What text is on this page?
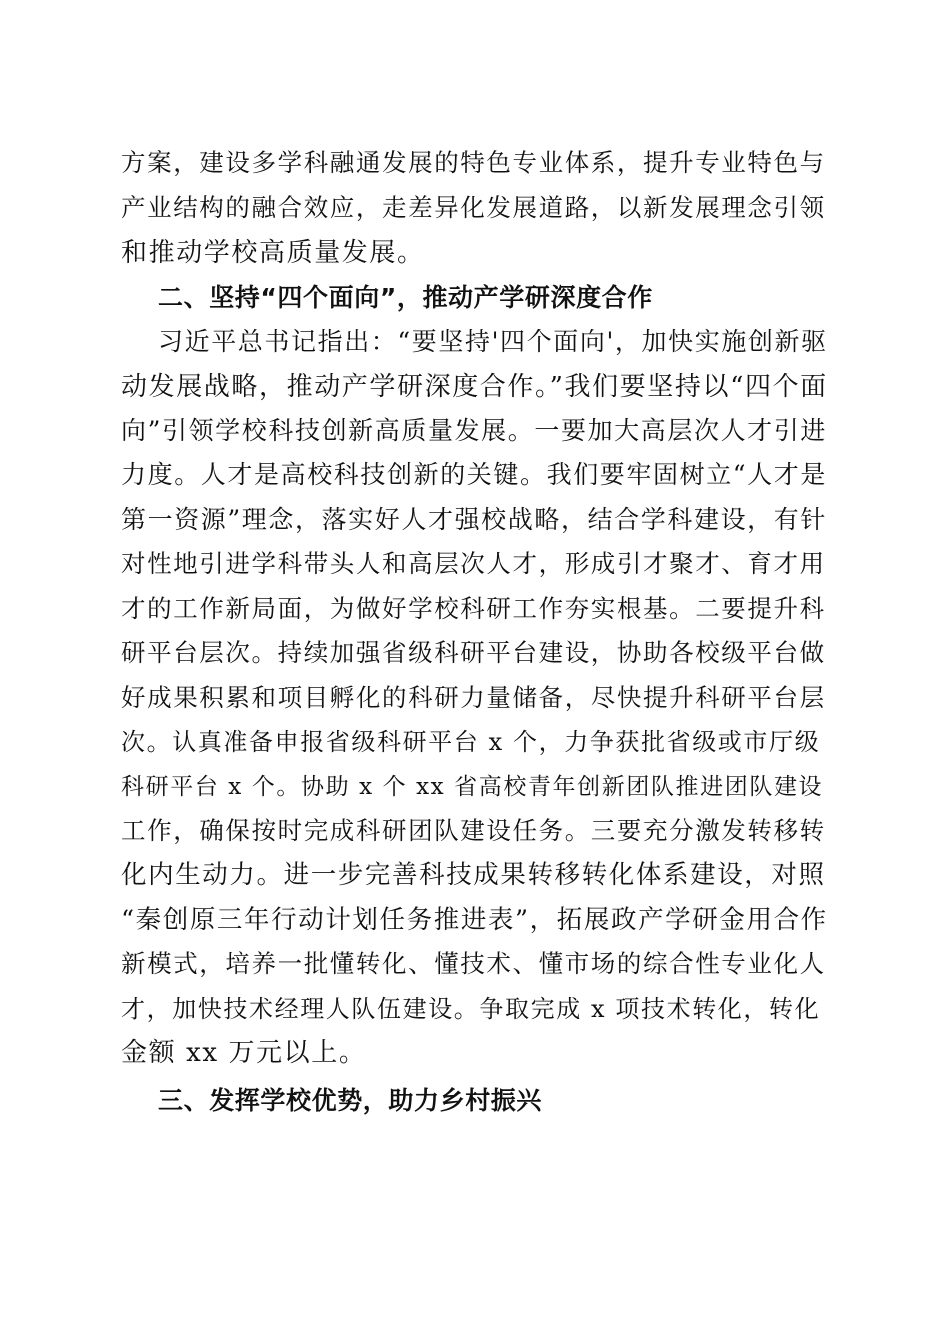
方案，建设多学科融通发展的特色专业体系，提升专业特色与
产业结构的融合效应，走差异化发展道路，以新发展理念引领
和推动学校高质量发展。
二、坚持“四个面向”，推动产学研深度合作
习近平总书记指出：“要坚持'四个面向'，加快实施创新驱
动发展战略，推动产学研深度合作。”我们要坚持以“四个面
向”引领学校科技创新高质量发展。一要加大高层次人才引进
力度。人才是高校科技创新的关键。我们要牢固树立“人才是
第一资源”理念，落实好人才强校战略，结合学科建设，有针
对性地引进学科带头人和高层次人才，形成引才聚才、育才用
才的工作新局面，为做好学校科研工作夯实根基。二要提升科
研平台层次。持续加强省级科研平台建设，协助各校级平台做
好成果积累和项目孵化的科研力量储备，尽快提升科研平台层
次。认真准备申报省级科研平台 x 个，力争获批省级或市厅级
科研平台 x 个。协助 x 个 xx 省高校青年创新团队推进团队建设
工作，确保按时完成科研团队建设任务。三要充分激发转移转
化内生动力。进一步完善科技成果转移转化体系建设，对照
“秦创原三年行动计划任务推进表”，拓展政产学研金用合作
新模式，培养一批懂转化、懂技术、懂市场的综合性专业化人
才，加快技术经理人队伍建设。争取完成 x 项技术转化，转化
金额 xx 万元以上。
三、发挥学校优势，助力乡村振兴
